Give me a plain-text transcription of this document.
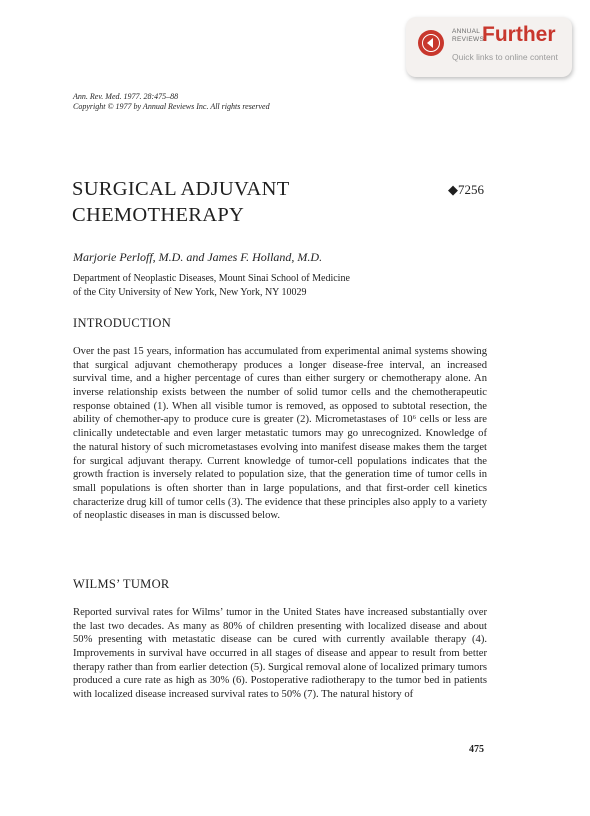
ANNUAL
REVIEWS
Further
Quick links to online content
Ann. Rev. Med. 1977. 28:475–88
Copyright © 1977 by Annual Reviews Inc. All rights reserved
SURGICAL ADJUVANT
CHEMOTHERAPY
◆7256
Marjorie Perloff, M.D. and James F. Holland, M.D.
Department of Neoplastic Diseases, Mount Sinai School of Medicine
of the City University of New York, New York, NY 10029
INTRODUCTION
Over the past 15 years, information has accumulated from experimental animal systems showing that surgical adjuvant chemotherapy produces a longer disease-free interval, an increased survival time, and a higher percentage of cures than either surgery or chemotherapy alone. An inverse relationship exists between the number of solid tumor cells and the chemotherapeutic response obtained (1). When all visible tumor is removed, as opposed to subtotal resection, the ability of chemother-apy to produce cure is greater (2). Micrometastases of 10⁶ cells or less are clinically undetectable and even larger metastatic tumors may go unrecognized. Knowledge of the natural history of such micrometastases evolving into manifest disease makes them the target for surgical adjuvant therapy. Current knowledge of tumor-cell populations indicates that the growth fraction is inversely related to population size, that the generation time of tumor cells in small populations is often shorter than in large populations, and that first-order cell kinetics characterize drug kill of tumor cells (3). The evidence that these principles also apply to a variety of neoplastic diseases in man is discussed below.
WILMS’ TUMOR
Reported survival rates for Wilms’ tumor in the United States have increased substantially over the last two decades. As many as 80% of children presenting with localized disease and about 50% presenting with metastatic disease can be cured with currently available therapy (4). Improvements in survival have occurred in all stages of disease and appear to result from better therapy rather than from earlier detection (5). Surgical removal alone of localized primary tumors produced a cure rate as high as 30% (6). Postoperative radiotherapy to the tumor bed in patients with localized disease increased survival rates to 50% (7). The natural history of
475
